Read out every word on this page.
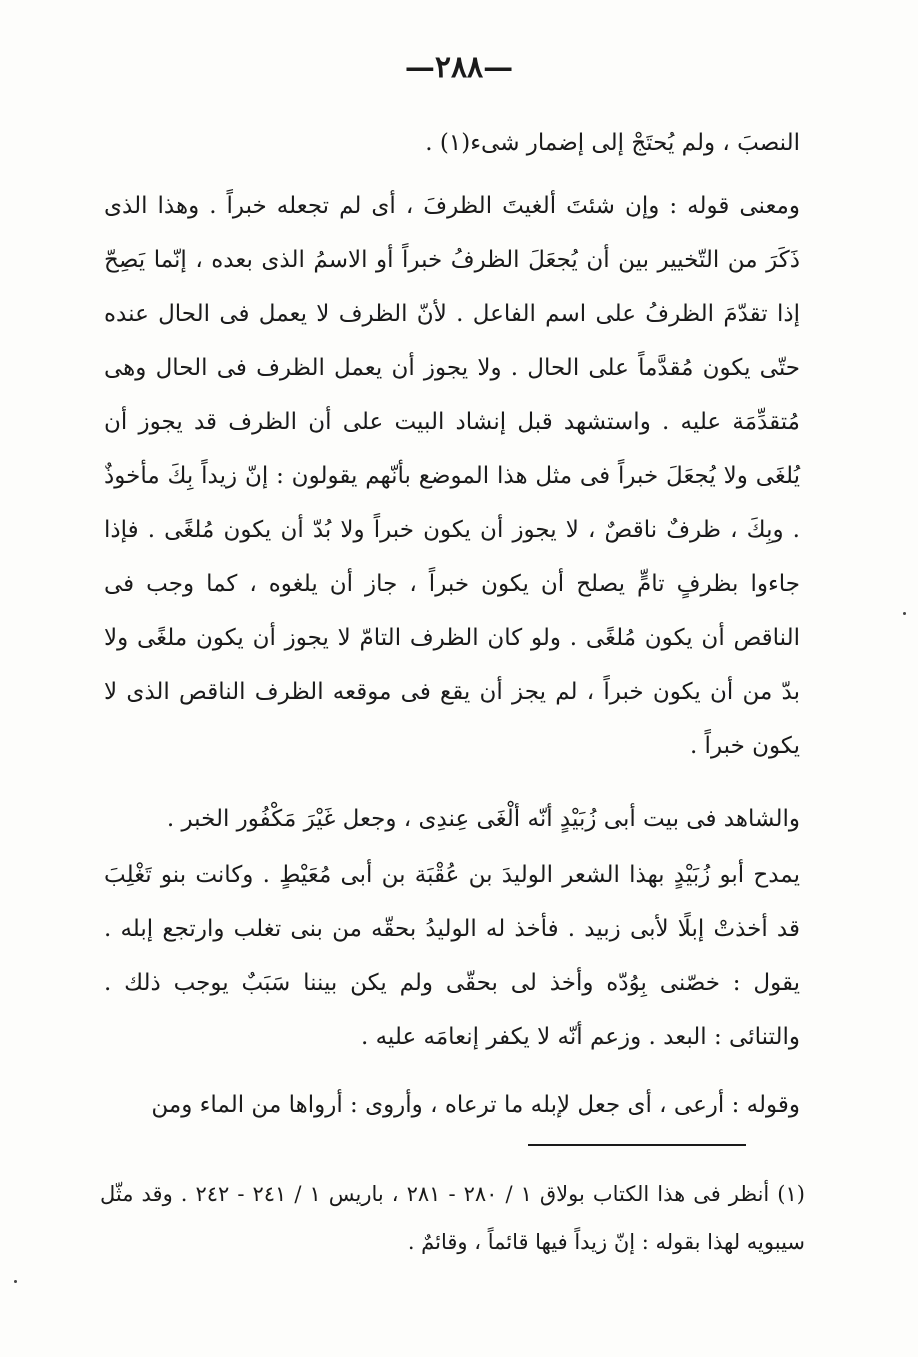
—٢٨٨—

النصبَ ، ولم يُحتَجْ إلى إضمار شىء(١) .

ومعنى قوله : وإن شئتَ ألغيتَ الظرفَ ، أى لم تجعله خبراً . وهذا الذى ذَكَرَ من التّخيير بين أن يُجعَلَ الظرفُ خبراً أو الاسمُ الذى بعده ، إنّما يَصِحّ إذا تقدّمَ الظرفُ على اسم الفاعل . لأنّ الظرف لا يعمل فى الحال عنده حتّى يكون مُقدَّماً على الحال . ولا يجوز أن يعمل الظرف فى الحال وهى مُتقدِّمَة عليه . واستشهد قبل إنشاد البيت على أن الظرف قد يجوز أن يُلغَى ولا يُجعَلَ خبراً فى مثل هذا الموضع بأنّهم يقولون : إنّ زيداً بِكَ مأخوذٌ . وبِكَ ، ظرفٌ ناقصٌ ، لا يجوز أن يكون خبراً ولا بُدّ أن يكون مُلغًى . فإذا جاءوا بظرفٍ تامٍّ يصلح أن يكون خبراً ، جاز أن يلغوه ، كما وجب فى الناقص أن يكون مُلغًى . ولو كان الظرف التامّ لا يجوز أن يكون ملغًى ولا بدّ من أن يكون خبراً ، لم يجز أن يقع فى موقعه الظرف الناقص الذى لا يكون خبراً .

والشاهد فى بيت أبى زُبَيْدٍ أنّه ألْغَى عِندِى ، وجعل غَيْرَ مَكْفُور الخبر .

يمدح أبو زُبَيْدٍ بهذا الشعر الوليدَ بن عُقْبَة بن أبى مُعَيْطٍ . وكانت بنو تَغْلِبَ قد أخذتْ إبلًا لأبى زبيد . فأخذ له الوليدُ بحقّه من بنى تغلب وارتجع إبله . يقول : خصّنى بِوُدّه وأخذ لى بحقّى ولم يكن بيننا سَبَبٌ يوجب ذلك . والتنائى : البعد . وزعم أنّه لا يكفر إنعامَه عليه .

وقوله : أرعى ، أى جعل لإبله ما ترعاه ، وأروى : أرواها من الماء ومن

(١) أنظر فى هذا الكتاب بولاق ١ / ٢٨٠ - ٢٨١ ، باريس ١ / ٢٤١ - ٢٤٢ . وقد مثّل سيبويه لهذا بقوله : إنّ زيداً فيها قائماً ، وقائمٌ .
